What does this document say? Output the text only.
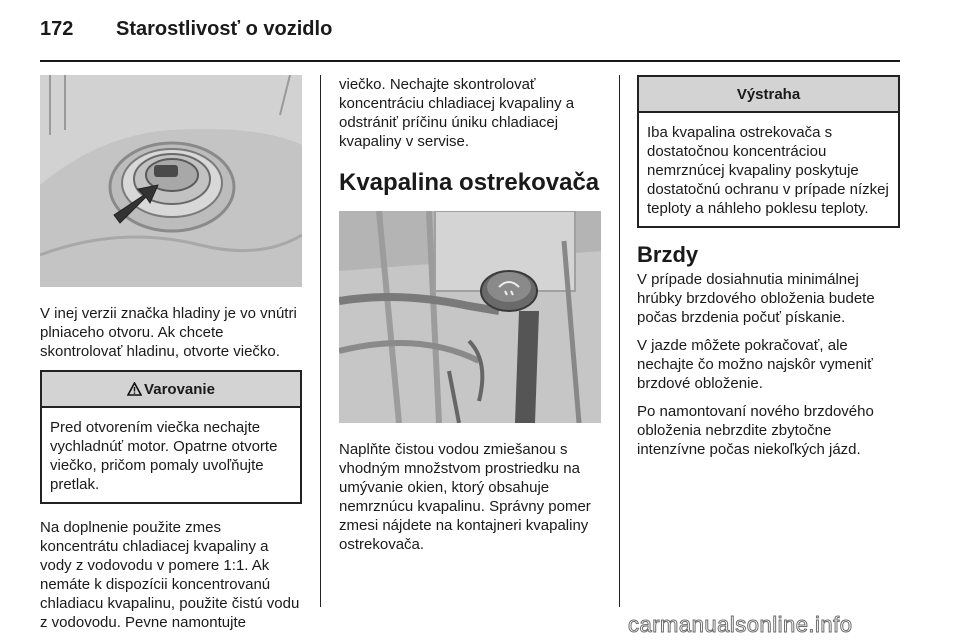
172 Starostlivosť o vozidlo

V inej verzii značka hladiny je vo vnútri plniaceho otvoru. Ak chcete skontrolovať hladinu, otvorte viečko.

Varovanie
Pred otvorením viečka nechajte vychladnúť motor. Opatrne otvorte viečko, pričom pomaly uvoľňujte pretlak.

Na doplnenie použite zmes koncentrátu chladiacej kvapaliny a vody z vodovodu v pomere 1:1. Ak nemáte k dispozícii koncentrovanú chladiacu kvapalinu, použite čistú vodu z vodovodu. Pevne namontujte

viečko. Nechajte skontrolovať koncentráciu chladiacej kvapaliny a odstrániť príčinu úniku chladiacej kvapaliny v servise.

Kvapalina ostrekovača

Naplňte čistou vodou zmiešanou s vhodným množstvom prostriedku na umývanie okien, ktorý obsahuje nemrznúcu kvapalinu. Správny pomer zmesi nájdete na kontajneri kvapaliny ostrekovača.

Výstraha
Iba kvapalina ostrekovača s dostatočnou koncentráciou nemrznúcej kvapaliny poskytuje dostatočnú ochranu v prípade nízkej teploty a náhleho poklesu teploty.
Brzdy

V prípade dosiahnutia minimálnej hrúbky brzdového obloženia budete počas brzdenia počuť pískanie.

V jazde môžete pokračovať, ale nechajte čo možno najskôr vymeniť brzdové obloženie.

Po namontovaní nového brzdového obloženia nebrzdite zbytočne intenzívne počas niekoľkých jázd.

carmanualsonline.info
